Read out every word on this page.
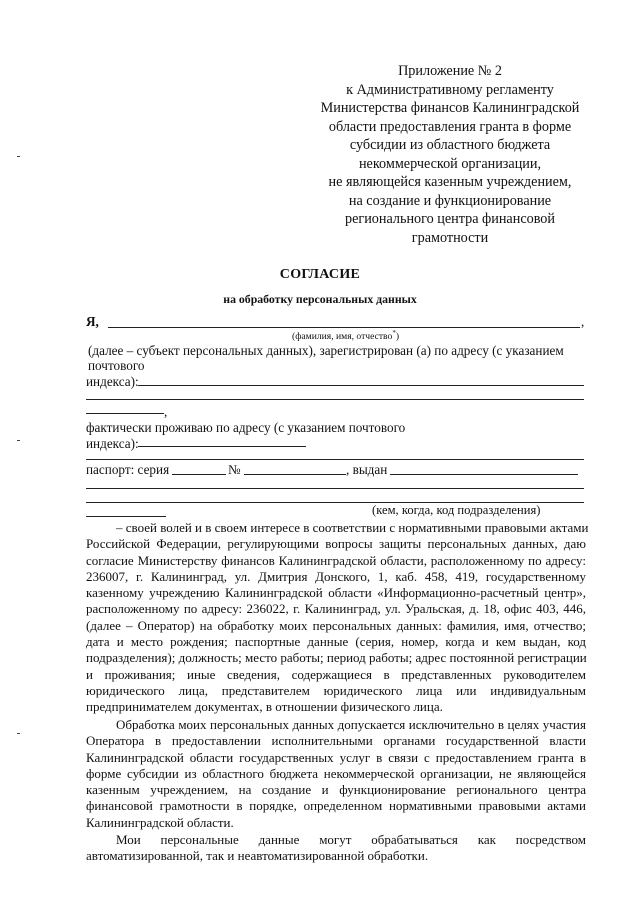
Приложение № 2
к Административному регламенту
Министерства финансов Калининградской
области предоставления гранта в форме
субсидии из областного бюджета
некоммерческой организации,
не являющейся казенным учреждением,
на создание и функционирование
регионального центра финансовой
грамотности
СОГЛАСИЕ
на обработку персональных данных
Я,	,
(фамилия, имя, отчество*)
(далее – субъект персональных данных), зарегистрирован (а) по адресу (с указанием
почтового
индекса):
,
фактически проживаю по адресу (с указанием почтового
индекса):
паспорт: серия	№	, выдан
(кем, когда, код подразделения)
– своей волей и в своем интересе в соответствии с нормативными правовыми актами
Российской Федерации, регулирующими вопросы защиты персональных данных, даю
согласие Министерству финансов Калининградской области, расположенному по адресу:
236007, г. Калининград, ул. Дмитрия Донского, 1, каб. 458, 419, государственному
казенному учреждению Калининградской области «Информационно-расчетный центр»,
расположенному по адресу: 236022, г. Калининград, ул. Уральская, д. 18, офис 403, 446,
(далее – Оператор) на обработку моих персональных данных: фамилия, имя, отчество;
дата и место рождения; паспортные данные (серия, номер, когда и кем выдан, код
подразделения); должность; место работы; период работы; адрес постоянной регистрации
и проживания; иные сведения, содержащиеся в представленных руководителем
юридического лица, представителем юридического лица или индивидуальным
предпринимателем документах, в отношении физического лица.
Обработка моих персональных данных допускается исключительно в целях участия
Оператора в предоставлении исполнительными органами государственной власти
Калининградской области государственных услуг в связи с предоставлением гранта в
форме субсидии из областного бюджета некоммерческой организации, не являющейся
казенным учреждением, на создание и функционирование регионального центра
финансовой грамотности в порядке, определенном нормативными правовыми актами
Калининградской области.
Мои персональные данные могут обрабатываться как посредством
автоматизированной, так и неавтоматизированной обработки.
